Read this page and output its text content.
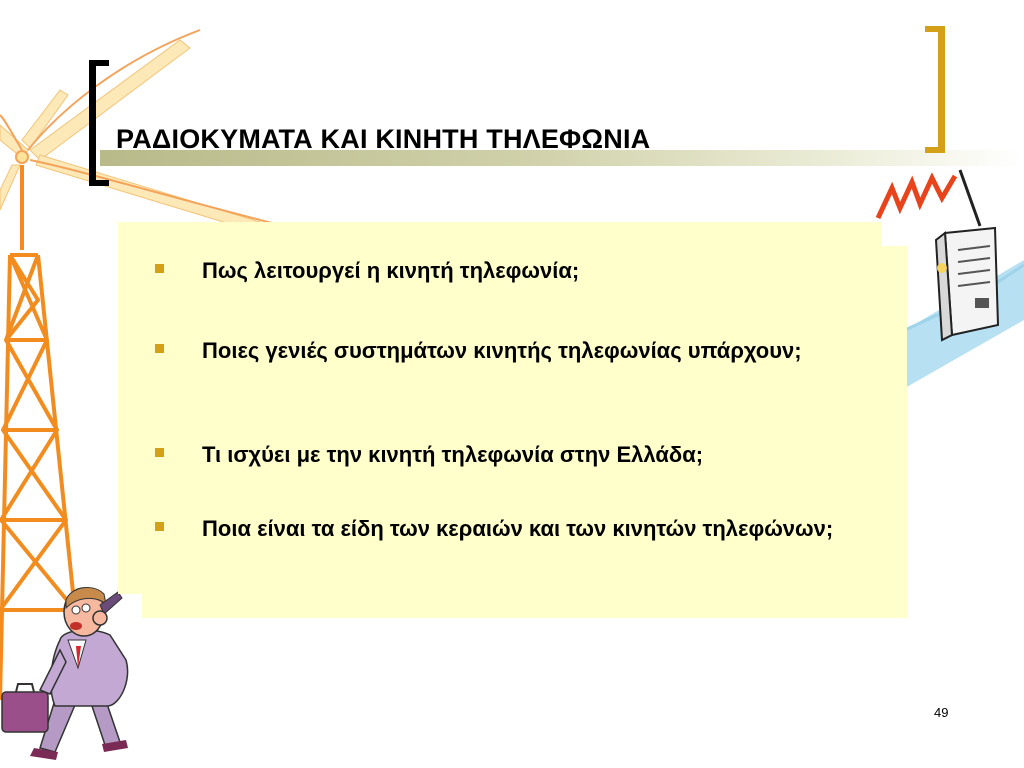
ΡΑΔΙΟΚΥΜΑΤΑ ΚΑΙ ΚΙΝΗΤΗ ΤΗΛΕΦΩΝΙΑ
Πως λειτουργεί η κινητή τηλεφωνία;
Ποιες γενιές συστημάτων κινητής τηλεφωνίας υπάρχουν;
Τι ισχύει με την κινητή τηλεφωνία στην Ελλάδα;
Ποια είναι τα είδη των κεραιών και των κινητών τηλεφώνων;
49
